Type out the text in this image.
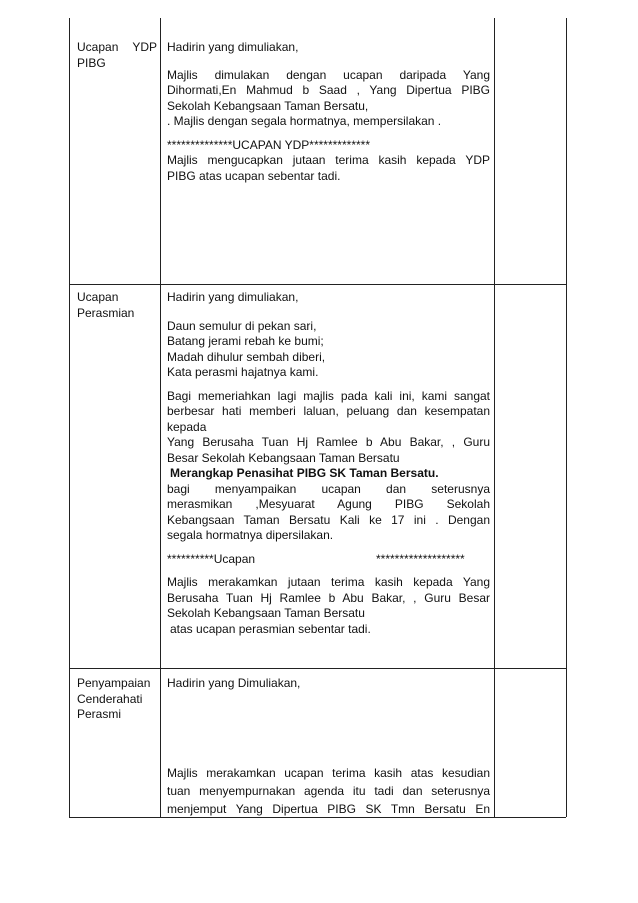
Ucapan YDP
PIBG

Hadirin yang dimuliakan,

Majlis dimulakan dengan ucapan daripada Yang

Dihormati,En Mahmud b Saad , Yang Dipertua PIBG

Sekolah Kebangsaan Taman Bersatu,

. Majlis dengan segala hormatnya, mempersilakan .

**************UCAPAN YDP*************

Majlis mengucapkan jutaan terima kasih kepada YDP

PIBG atas ucapan sebentar tadi.

Ucapan
Perasmian

Hadirin yang dimuliakan,

Daun semulur di pekan sari,

Batang jerami rebah ke bumi;

Madah dihulur sembah diberi,

Kata perasmi hajatnya kami.

Bagi memeriahkan lagi majlis pada kali ini, kami sangat

berbesar hati memberi laluan, peluang dan kesempatan

kepada

Yang Berusaha Tuan Hj Ramlee b Abu Bakar, , Guru

Besar Sekolah Kebangsaan Taman Bersatu

Merangkap Penasihat PIBG SK Taman Bersatu.

bagi menyampaikan ucapan dan seterusnya

merasmikan ,Mesyuarat Agung PIBG Sekolah

Kebangsaan Taman Bersatu Kali ke 17 ini . Dengan

segala hormatnya dipersilakan.

**********Ucapan	*******************

Majlis merakamkan jutaan terima kasih kepada Yang

Berusaha Tuan Hj Ramlee b Abu Bakar, , Guru Besar

Sekolah Kebangsaan Taman Bersatu

atas ucapan perasmian sebentar tadi.

Penyampaian
Cenderahati
Perasmi

Hadirin yang Dimuliakan,

Majlis merakamkan ucapan terima kasih atas kesudian

tuan menyempurnakan agenda itu tadi dan seterusnya

menjemput Yang Dipertua PIBG SK Tmn Bersatu En
